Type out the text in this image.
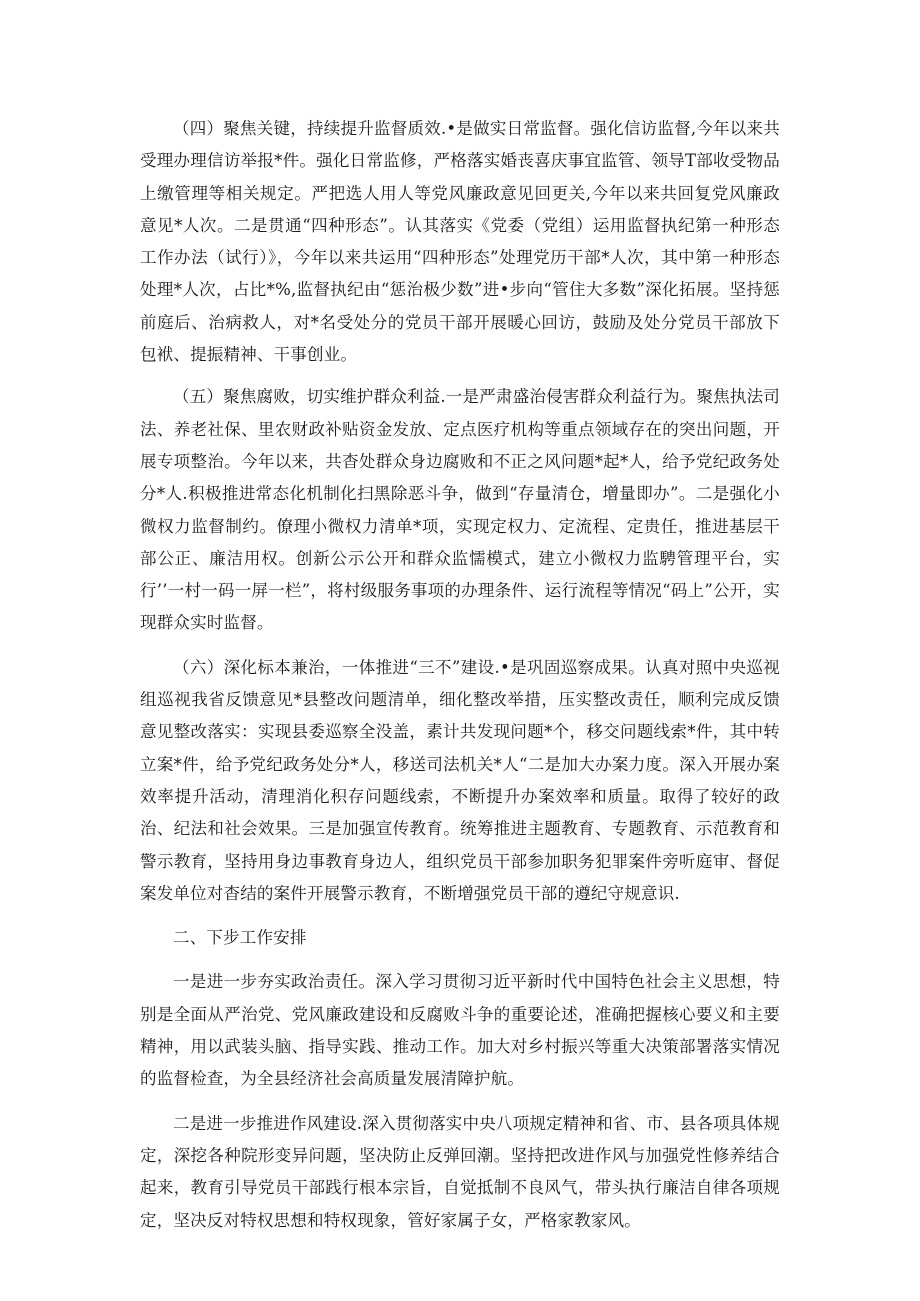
（四）聚焦关键，持续提升监督质效.•是做实日常监督。强化信访监督,今年以来共受理办理信访举报*件。强化日常监修，严格落实婚丧喜庆事宜监管、领导T部收受物品上缴管理等相关规定。严把选人用人等党风廉政意见回更关,今年以来共回复党风廉政意见*人次。二是贯通“四种形态”。认其落实《党委（党组）运用监督执纪第一种形态工作办法（试行）》，今年以来共运用“四种形态”处理党历干部*人次，其中第一种形态处理*人次，占比*%,监督执纪由“惩治极少数”进•步向“管住大多数”深化拓展。坚持惩前庭后、治病救人，对*名受处分的党员干部开展暖心回访，鼓励及处分党员干部放下包袱、提振精神、干事创业。

（五）聚焦腐败，切实维护群众利益.一是严肃盛治侵害群众利益行为。聚焦执法司法、养老社保、里农财政补贴资金发放、定点医疗机构等重点领域存在的突出问题，开展专项整治。今年以来，共杳处群众身边腐败和不正之风问题*起*人，给予党纪政务处分*人.积极推进常态化机制化扫黑除恶斗争，做到“存量清仓，增量即办”。二是强化小微权力监督制约。僚理小微权力清单*项，实现定权力、定流程、定贵任，推进基层干部公正、廉洁用权。创新公示公开和群众监懦模式，建立小微权力监騁管理平台，实行’’一村一码一屏一栏”，将村级服务事项的办理条件、运行流程等情况“码上”公开，实现群众实时监督。

（六）深化标本兼治，一体推进“三不”建设.•是巩固巡察成果。认真对照中央巡视组巡视我省反馈意见*县整改问题清单，细化整改举措，压实整改责任，顺利完成反馈意见整改落实：实现县委巡察全没盖，素计共发现问题*个，移交问题线索*件，其中转立案*件，给予党纪政务处分*人，移送司法机关*人“二是加大办案力度。深入开展办案效率提升活动，清理消化积存问题线索，不断提升办案效率和质量。取得了较好的政治、纪法和社会效果。三是加强宣传教育。统筹推进主题教育、专题教育、示范教育和警示教育，坚持用身边事教育身边人，组织党员干部参加职务犯罪案件旁听庭审、督促案发单位对杳结的案件开展警示教育，不断增强党员干部的遵纪守规意识.

二、下步工作安排

一是进一步夯实政治责任。深入学习贯彻习近平新时代中国特色社会主义思想，特别是全面从严治党、党风廉政建设和反腐败斗争的重要论述，准确把握核心要义和主要精神，用以武装头脑、指导实践、推动工作。加大对乡村振兴等重大决策部署落实情况的监督检查，为全县经济社会高质量发展清障护航。

二是进一步推进作风建设.深入贯彻落实中央八项规定精神和省、市、县各项具体规定，深挖各种院形变异问题，坚决防止反弹回潮。坚持把改进作风与加强党性修养结合起来，教育引导党员干部践行根本宗旨，自觉抵制不良风气，带头执行廉洁自律各项规定，坚决反对特权思想和特权现象，管好家属子女，严格家教家风。
